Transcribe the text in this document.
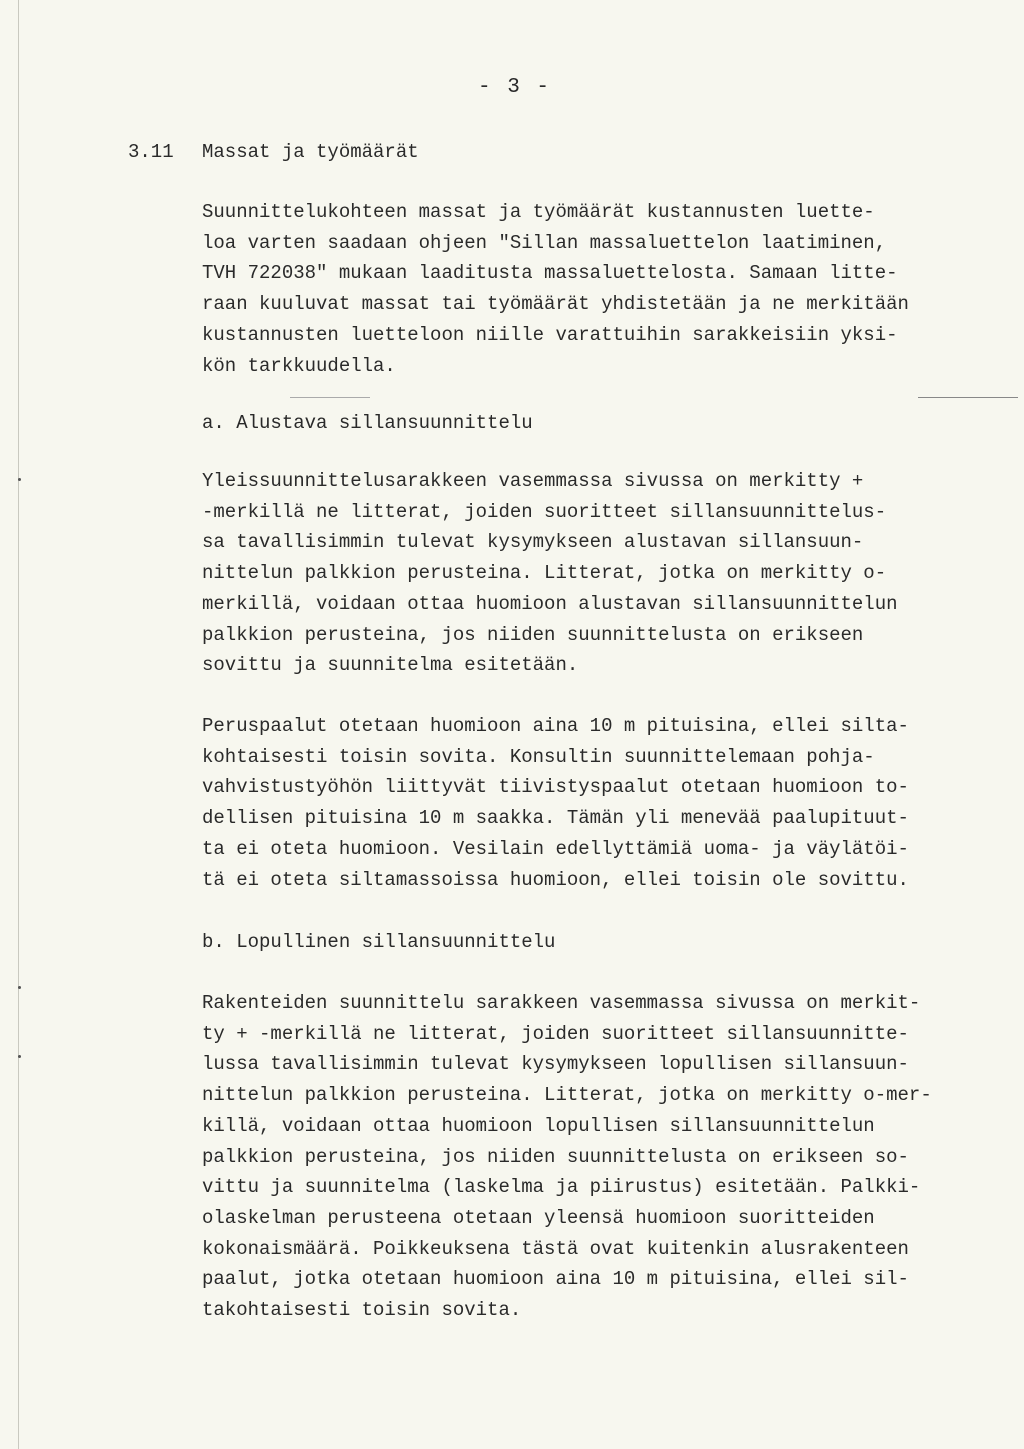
- 3 -
3.11 Massat ja työmäärät

Suunnittelukohteen massat ja työmäärät kustannusten luette-
loa varten saadaan ohjeen "Sillan massaluettelon laatiminen,
TVH 722038" mukaan laaditusta massaluettelosta. Samaan litte-
raan kuuluvat massat tai työmäärät yhdistetään ja ne merkitään
kustannusten luetteloon niille varattuihin sarakkeisiin yksi-
kön tarkkuudella.

a. Alustava sillansuunnittelu

Yleissuunnittelusarakkeen vasemmassa sivussa on merkitty +
-merkillä ne litterat, joiden suoritteet sillansuunnittelus-
sa tavallisimmin tulevat kysymykseen alustavan sillansuun-
nittelun palkkion perusteina. Litterat, jotka on merkitty o-
merkillä, voidaan ottaa huomioon alustavan sillansuunnittelun
palkkion perusteina, jos niiden suunnittelusta on erikseen
sovittu ja suunnitelma esitetään.

Peruspaalut otetaan huomioon aina 10 m pituisina, ellei silta-
kohtaisesti toisin sovita. Konsultin suunnittelemaan pohja-
vahvistustyöhön liittyvät tiivistyspaalut otetaan huomioon to-
dellisen pituisina 10 m saakka. Tämän yli menevää paalupituut-
ta ei oteta huomioon. Vesilain edellyttämiä uoma- ja väylätöi-
tä ei oteta siltamassoissa huomioon, ellei toisin ole sovittu.

b. Lopullinen sillansuunnittelu

Rakenteiden suunnittelu sarakkeen vasemmassa sivussa on merkit-
ty + -merkillä ne litterat, joiden suoritteet sillansuunnitte-
lussa tavallisimmin tulevat kysymykseen lopullisen sillansuun-
nittelun palkkion perusteina. Litterat, jotka on merkitty o-mer-
killä, voidaan ottaa huomioon lopullisen sillansuunnittelun
palkkion perusteina, jos niiden suunnittelusta on erikseen so-
vittu ja suunnitelma (laskelma ja piirustus) esitetään. Palkki-
olaskelman perusteena otetaan yleensä huomioon suoritteiden
kokonaismäärä. Poikkeuksena tästä ovat kuitenkin alusrakenteen
paalut, jotka otetaan huomioon aina 10 m pituisina, ellei sil-
takohtaisesti toisin sovita.
